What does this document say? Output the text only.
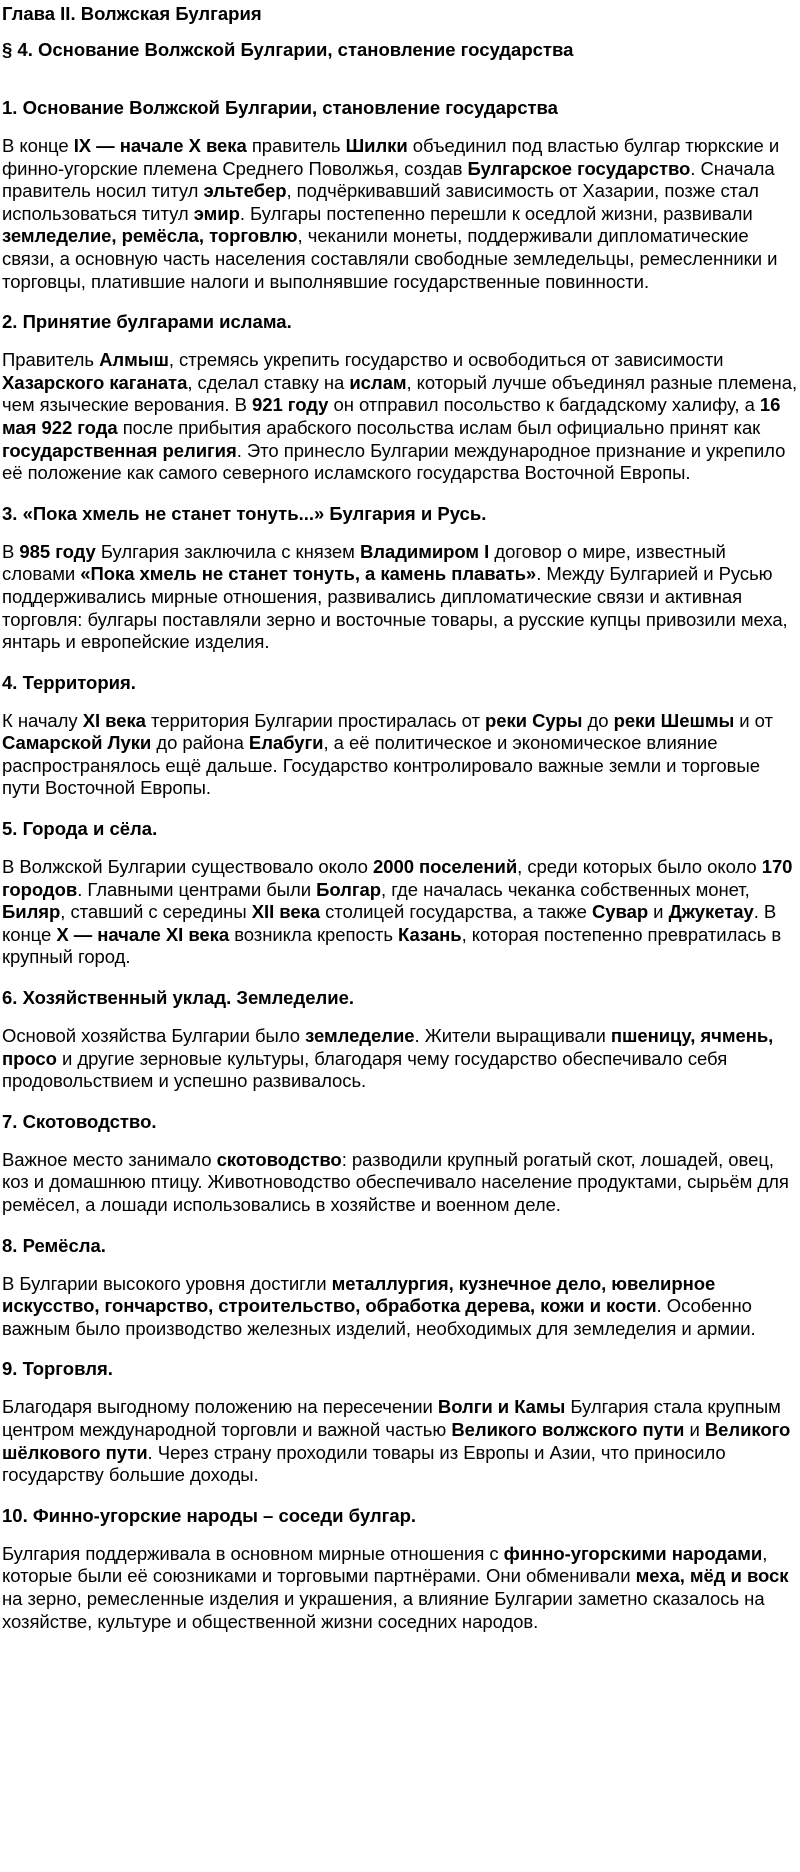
Глава II. Волжская Булгария
§ 4. Основание Волжской Булгарии, становление государства
1. Основание Волжской Булгарии, становление государства
В конце IX — началe X века правитель Шилки объединил под властью булгар тюркские и финно-угорские племена Среднего Поволжья, создав Булгарское государство. Сначала правитель носил титул эльтебер, подчёркивавший зависимость от Хазарии, позже стал использоваться титул эмир. Булгары постепенно перешли к оседлой жизни, развивали земледелие, ремёсла, торговлю, чеканили монеты, поддерживали дипломатические связи, а основную часть населения составляли свободные земледельцы, ремесленники и торговцы, платившие налоги и выполнявшие государственные повинности.
2. Принятие булгарами ислама.
Правитель Алмыш, стремясь укрепить государство и освободиться от зависимости Хазарского каганата, сделал ставку на ислам, который лучше объединял разные племена, чем языческие верования. В 921 году он отправил посольство к багдадскому халифу, а 16 мая 922 года после прибытия арабского посольства ислам был официально принят как государственная религия. Это принесло Булгарии международное признание и укрепило её положение как самого северного исламского государства Восточной Европы.
3. «Пока хмель не станет тонуть...» Булгария и Русь.
В 985 году Булгария заключила с князем Владимиром I договор о мире, известный словами «Пока хмель не станет тонуть, а камень плавать». Между Булгарией и Русью поддерживались мирные отношения, развивались дипломатические связи и активная торговля: булгары поставляли зерно и восточные товары, а русские купцы привозили меха, янтарь и европейские изделия.
4. Территория.
К началу XI века территория Булгарии простиралась от реки Суры до реки Шешмы и от Самарской Луки до района Елабуги, а её политическое и экономическое влияние распространялось ещё дальше. Государство контролировало важные земли и торговые пути Восточной Европы.
5. Города и сёла.
В Волжской Булгарии существовало около 2000 поселений, среди которых было около 170 городов. Главными центрами были Болгар, где началась чеканка собственных монет, Биляр, ставший с середины XII века столицей государства, а также Сувар и Джукетау. В конце X — начале XI века возникла крепость Казань, которая постепенно превратилась в крупный город.
6. Хозяйственный уклад. Земледелие.
Основой хозяйства Булгарии было земледелие. Жители выращивали пшеницу, ячмень, просо и другие зерновые культуры, благодаря чему государство обеспечивало себя продовольствием и успешно развивалось.
7. Скотоводство.
Важное место занимало скотоводство: разводили крупный рогатый скот, лошадей, овец, коз и домашнюю птицу. Животноводство обеспечивало население продуктами, сырьём для ремёсел, а лошади использовались в хозяйстве и военном деле.
8. Ремёсла.
В Булгарии высокого уровня достигли металлургия, кузнечное дело, ювелирное искусство, гончарство, строительство, обработка дерева, кожи и кости. Особенно важным было производство железных изделий, необходимых для земледелия и армии.
9. Торговля.
Благодаря выгодному положению на пересечении Волги и Камы Булгария стала крупным центром международной торговли и важной частью Великого волжского пути и Великого шёлкового пути. Через страну проходили товары из Европы и Азии, что приносило государству большие доходы.
10. Финно-угорские народы – соседи булгар.
Булгария поддерживала в основном мирные отношения с финно-угорскими народами, которые были её союзниками и торговыми партнёрами. Они обменивали меха, мёд и воск на зерно, ремесленные изделия и украшения, а влияние Булгарии заметно сказалось на хозяйстве, культуре и общественной жизни соседних народов.
